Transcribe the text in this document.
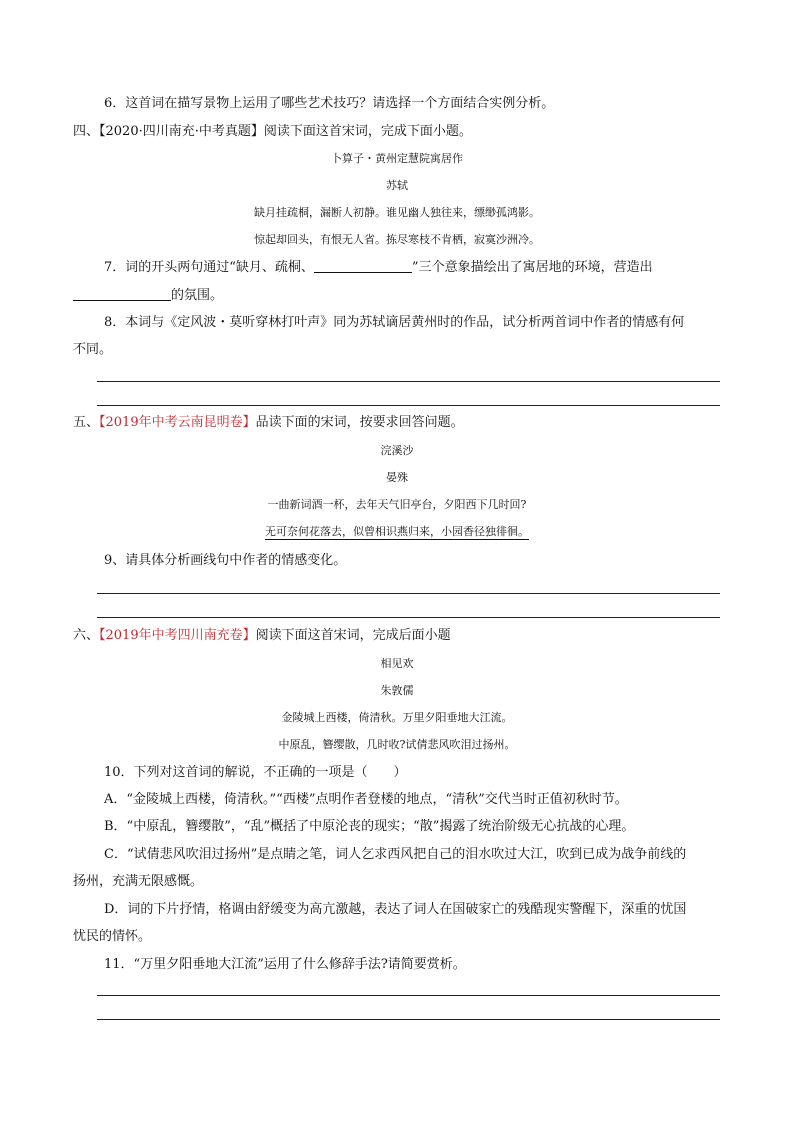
6．这首词在描写景物上运用了哪些艺术技巧？请选择一个方面结合实例分析。
四、【2020·四川南充·中考真题】阅读下面这首宋词，完成下面小题。
卜算子・黄州定慧院寓居作
苏轼
缺月挂疏桐，漏断人初静。谁见幽人独往来，缥缈孤鸿影。
惊起却回头，有恨无人省。拣尽寒枝不肯栖，寂寞沙洲冷。
7．词的开头两句通过“缺月、疏桐、	”三个意象描绘出了寓居地的环境，营造出
的氛围。
8．本词与《定风波・莫听穿林打叶声》同为苏轼谪居黄州时的作品，试分析两首词中作者的情感有何
不同。
五、【2019年中考云南昆明卷】品读下面的宋词，按要求回答问题。
浣溪沙
晏殊
一曲新词酒一杯，去年天气旧亭台，夕阳西下几时回?
无可奈何花落去，似曾相识燕归来，小园香径独徘徊。
9、请具体分析画线句中作者的情感变化。
六、【2019年中考四川南充卷】阅读下面这首宋词，完成后面小题
相见欢
朱敦儒
金陵城上西楼，倚清秋。万里夕阳垂地大江流。
中原乱，簪缨散，几时收?试倩悲风吹泪过扬州。
10．下列对这首词的解说，不正确的一项是（　　）
A．“金陵城上西楼，倚清秋。”“西楼”点明作者登楼的地点，“清秋”交代当时正值初秋时节。
B．“中原乱，簪缨散”，“乱”概括了中原沦丧的现实；“散”揭露了统治阶级无心抗战的心理。
C．“试倩悲风吹泪过扬州”是点睛之笔，词人乞求西风把自己的泪水吹过大江，吹到已成为战争前线的
扬州，充满无限感慨。
D．词的下片抒情，格调由舒缓变为高亢激越，表达了词人在国破家亡的残酷现实警醒下，深重的忧国
忧民的情怀。
11．“万里夕阳垂地大江流”运用了什么修辞手法?请简要赏析。
